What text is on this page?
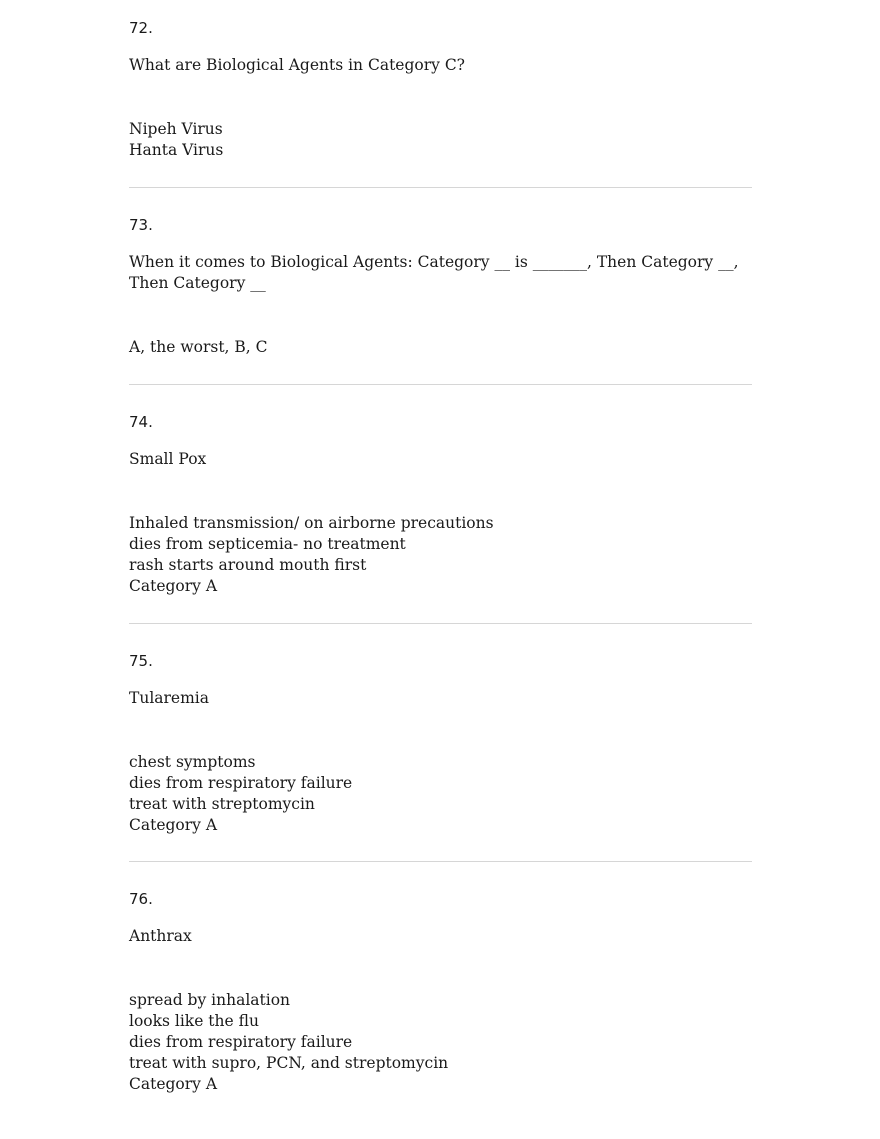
72.

What are Biological Agents in Category C?

Nipeh Virus
Hanta Virus

73.

When it comes to Biological Agents: Category __ is _______, Then Category __,
Then Category __

A, the worst, B, C

74.

Small Pox

Inhaled transmission/ on airborne precautions
dies from septicemia- no treatment
rash starts around mouth first
Category A

75.

Tularemia

chest symptoms
dies from respiratory failure
treat with streptomycin
Category A

76.

Anthrax

spread by inhalation
looks like the flu
dies from respiratory failure
treat with supro, PCN, and streptomycin
Category A
